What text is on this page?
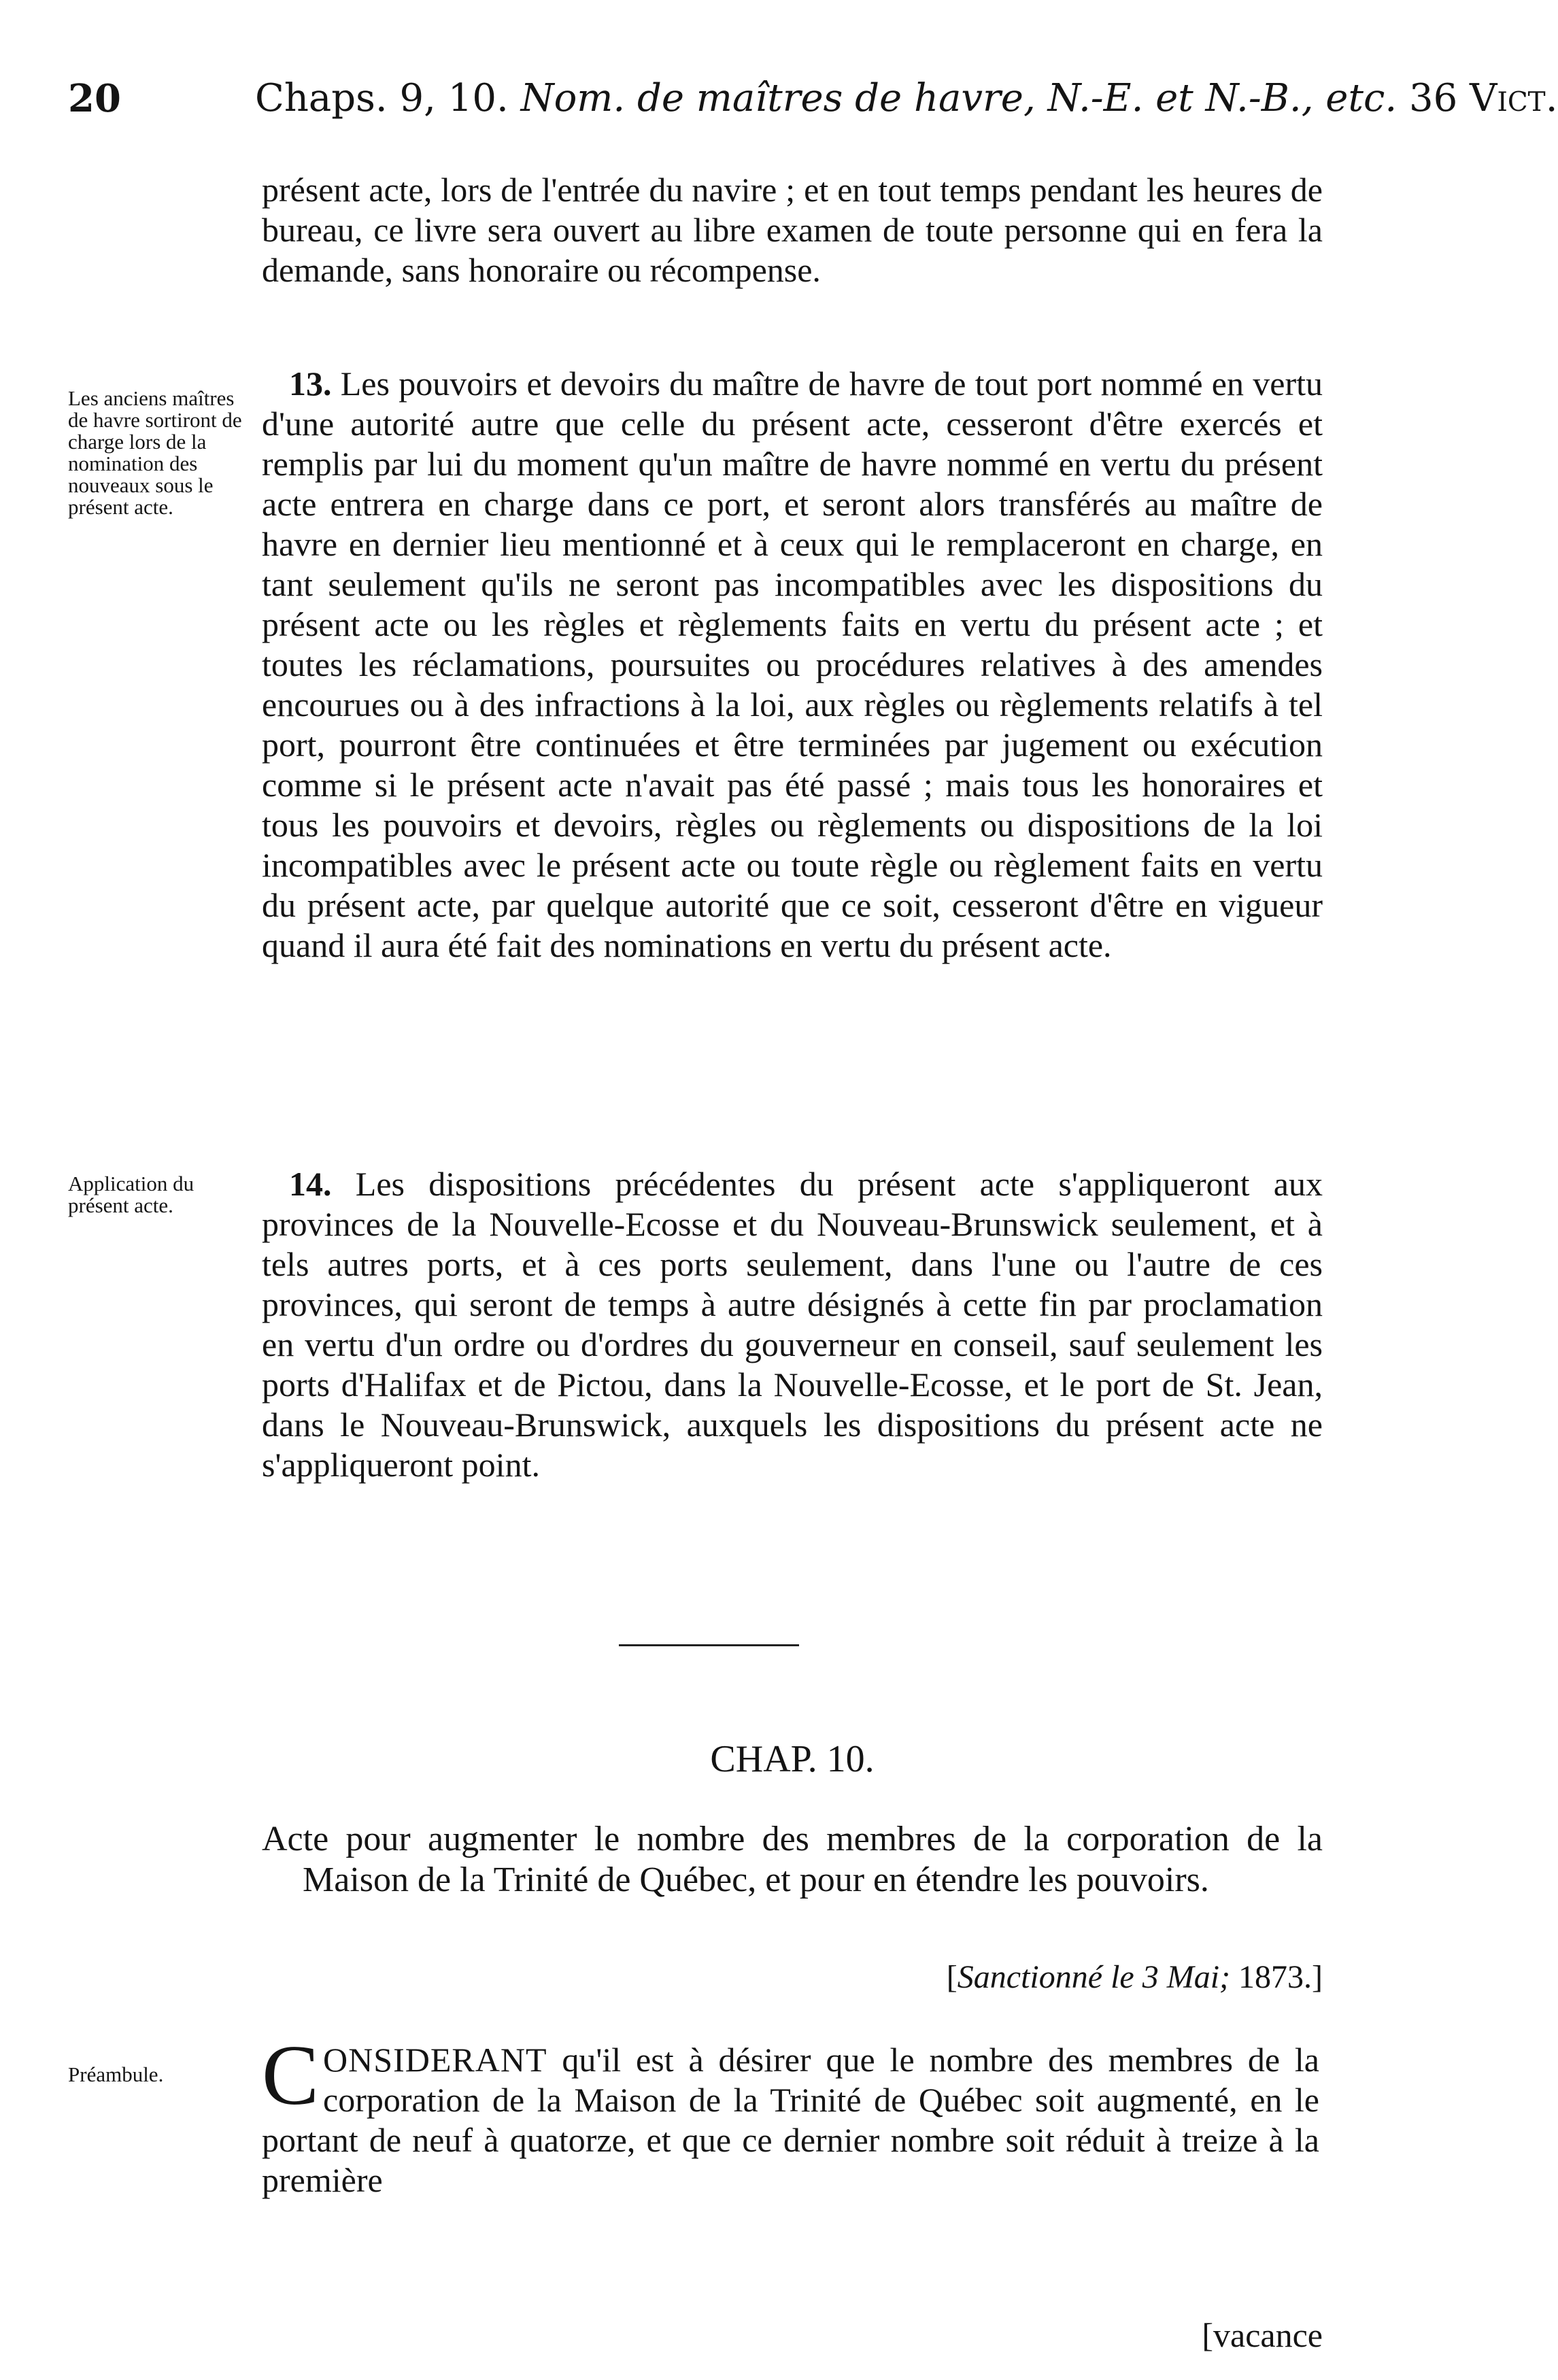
20	Chaps. 9, 10. Nom. de maîtres de havre, N.-E. et N.-B., etc. 36 Vict.

présent acte, lors de l'entrée du navire ; et en tout temps pendant les heures de bureau, ce livre sera ouvert au libre examen de toute personne qui en fera la demande, sans honoraire ou récompense.

Les anciens maîtres de havre sortiront de charge lors de la nomination des nouveaux sous le présent acte.

13. Les pouvoirs et devoirs du maître de havre de tout port nommé en vertu d'une autorité autre que celle du présent acte, cesseront d'être exercés et remplis par lui du moment qu'un maître de havre nommé en vertu du présent acte entrera en charge dans ce port, et seront alors transférés au maître de havre en dernier lieu mentionné et à ceux qui le remplaceront en charge, en tant seulement qu'ils ne seront pas incompatibles avec les dispositions du présent acte ou les règles et règlements faits en vertu du présent acte ; et toutes les réclamations, poursuites ou procédures relatives à des amendes encourues ou à des infractions à la loi, aux règles ou règlements relatifs à tel port, pourront être continuées et être terminées par jugement ou exécution comme si le présent acte n'avait pas été passé ; mais tous les honoraires et tous les pouvoirs et devoirs, règles ou règlements ou dispositions de la loi incompatibles avec le présent acte ou toute règle ou règlement faits en vertu du présent acte, par quelque autorité que ce soit, cesseront d'être en vigueur quand il aura été fait des nominations en vertu du présent acte.

Application du présent acte.

14. Les dispositions précédentes du présent acte s'appliqueront aux provinces de la Nouvelle-Ecosse et du Nouveau-Brunswick seulement, et à tels autres ports, et à ces ports seulement, dans l'une ou l'autre de ces provinces, qui seront de temps à autre désignés à cette fin par proclamation en vertu d'un ordre ou d'ordres du gouverneur en conseil, sauf seulement les ports d'Halifax et de Pictou, dans la Nouvelle-Ecosse, et le port de St. Jean, dans le Nouveau-Brunswick, auxquels les dispositions du présent acte ne s'appliqueront point.

CHAP. 10.

Acte pour augmenter le nombre des membres de la corporation de la Maison de la Trinité de Québec, et pour en étendre les pouvoirs.

[Sanctionné le 3 Mai; 1873.]

Préambule.	CONSIDERANT qu'il est à désirer que le nombre des membres de la corporation de la Maison de la Trinité de Québec soit augmenté, en le portant de neuf à quatorze, et que ce dernier nombre soit réduit à treize à la première

[vacance
